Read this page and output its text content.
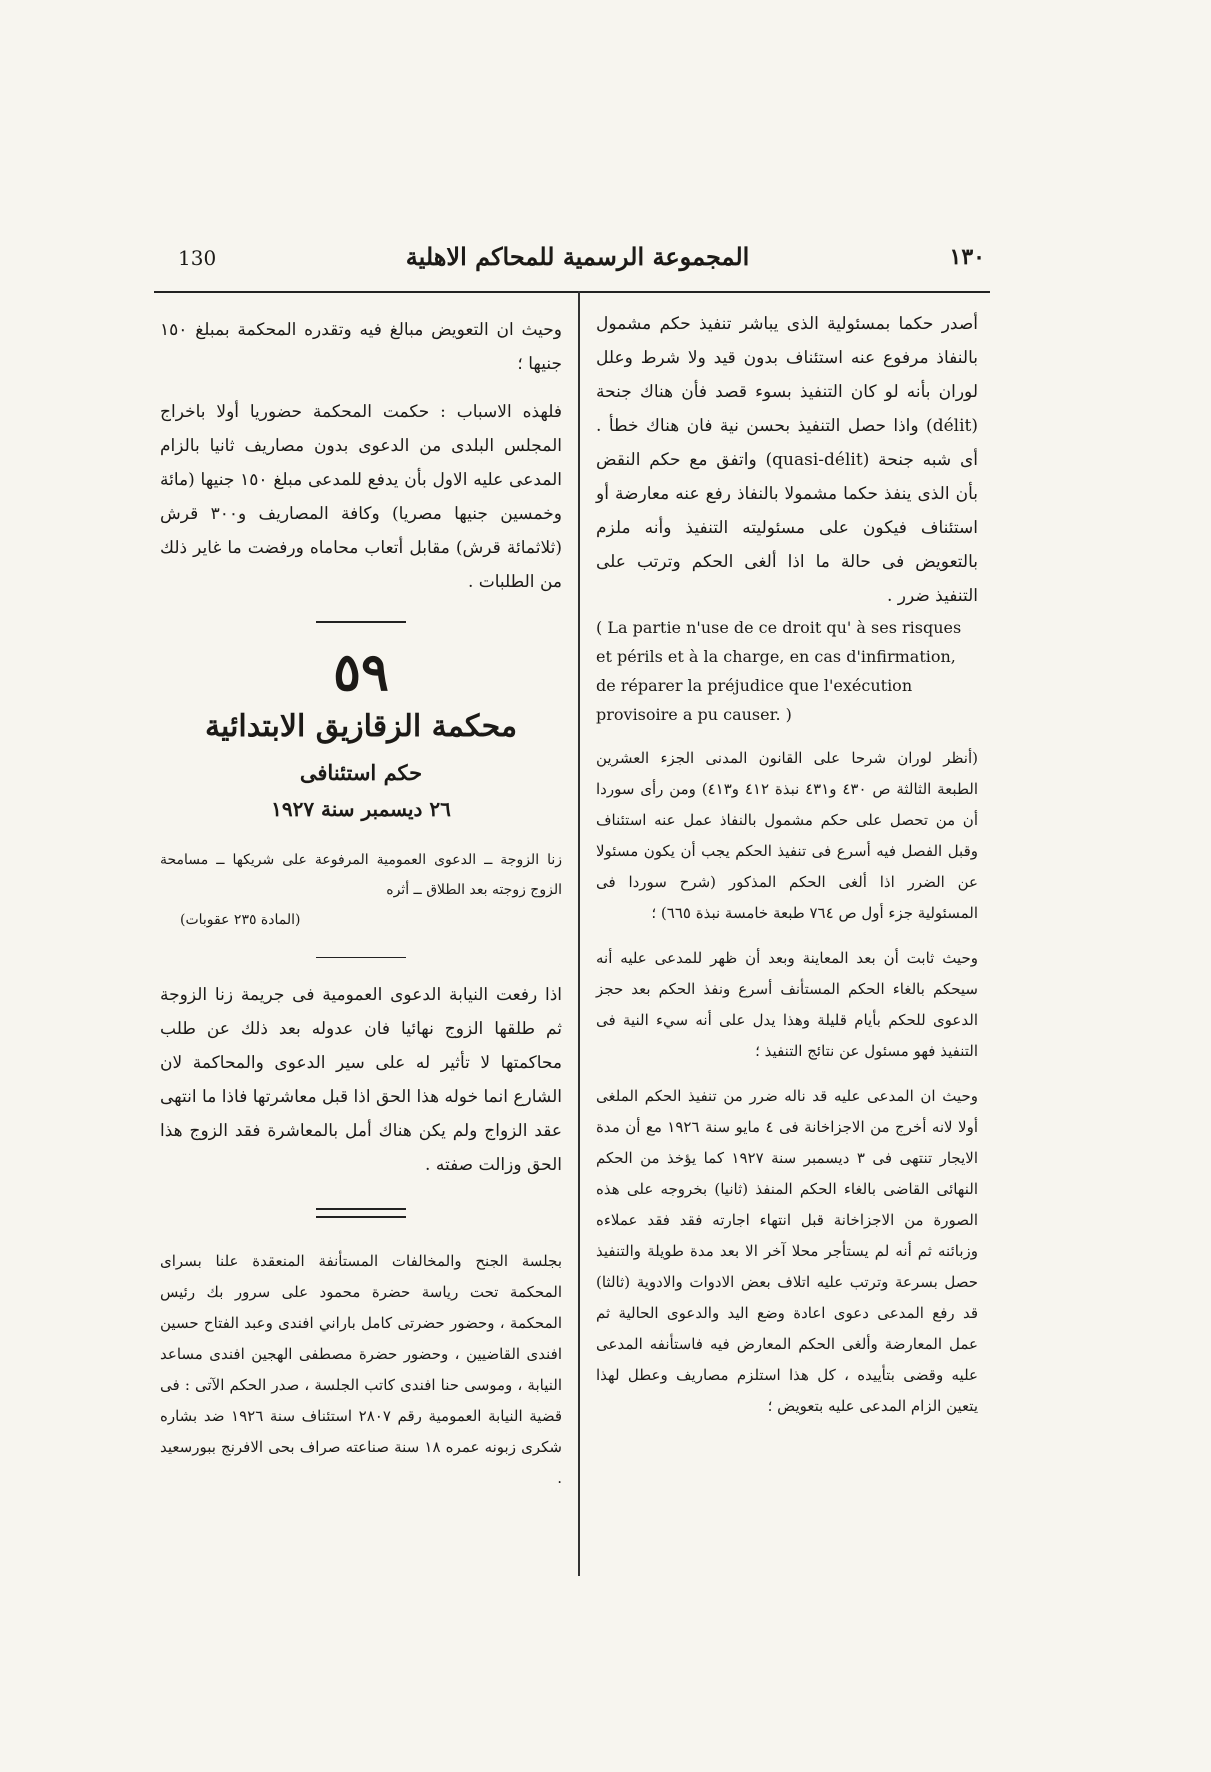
130	المجموعة الرسمية للمحاكم الاهلية	١٣٠

أصدر حكما بمسئولية الذى يباشر تنفيذ حكم مشمول بالنفاذ مرفوع عنه استئناف بدون قيد ولا شرط وعلل لوران بأنه لو كان التنفيذ بسوء قصد فأن هناك جنحة (délit) واذا حصل التنفيذ بحسن نية فان هناك خطأ . أى شبه جنحة (quasi-délit) واتفق مع حكم النقض بأن الذى ينفذ حكما مشمولا بالنفاذ رفع عنه معارضة أو استئناف فيكون على مسئوليته التنفيذ وأنه ملزم بالتعويض فى حالة ما اذا ألغى الحكم وترتب على التنفيذ ضرر .

( La partie n'use de ce droit qu' à ses risques et périls et à la charge, en cas d'infirmation, de réparer la préjudice que l'exécution provisoire a pu causer. )

(أنظر لوران شرحا على القانون المدنى الجزء العشرين الطبعة الثالثة ص ٤٣٠ و٤٣١ نبذة ٤١٢ و٤١٣) ومن رأى سوردا أن من تحصل على حكم مشمول بالنفاذ عمل عنه استئناف وقبل الفصل فيه أسرع فى تنفيذ الحكم يجب أن يكون مسئولا عن الضرر اذا ألغى الحكم المذكور (شرح سوردا فى المسئولية جزء أول ص ٧٦٤ طبعة خامسة نبذة ٦٦٥) ؛

وحيث ثابت أن بعد المعاينة وبعد أن ظهر للمدعى عليه أنه سيحكم بالغاء الحكم المستأنف أسرع ونفذ الحكم بعد حجز الدعوى للحكم بأيام قليلة وهذا يدل على أنه سيء النية فى التنفيذ فهو مسئول عن نتائج التنفيذ ؛

وحيث ان المدعى عليه قد ناله ضرر من تنفيذ الحكم الملغى أولا لانه أخرج من الاجزاخانة فى ٤ مايو سنة ١٩٢٦ مع أن مدة الايجار تنتهى فى ٣ ديسمبر سنة ١٩٢٧ كما يؤخذ من الحكم النهائى القاضى بالغاء الحكم المنفذ (ثانيا) بخروجه على هذه الصورة من الاجزاخانة قبل انتهاء اجارته فقد فقد عملاءه وزبائنه ثم أنه لم يستأجر محلا آخر الا بعد مدة طويلة والتنفيذ حصل بسرعة وترتب عليه اتلاف بعض الادوات والادوية (ثالثا) قد رفع المدعى دعوى اعادة وضع اليد والدعوى الحالية ثم عمل المعارضة وألغى الحكم المعارض فيه فاستأنفه المدعى عليه وقضى بتأييده ، كل هذا استلزم مصاريف وعطل لهذا يتعين الزام المدعى عليه بتعويض ؛

وحيث ان التعويض مبالغ فيه وتقدره المحكمة بمبلغ ١٥٠ جنيها ؛

فلهذه الاسباب : حكمت المحكمة حضوريا أولا باخراج المجلس البلدى من الدعوى بدون مصاريف ثانيا بالزام المدعى عليه الاول بأن يدفع للمدعى مبلغ ١٥٠ جنيها (مائة وخمسين جنيها مصريا) وكافة المصاريف و٣٠٠ قرش (ثلاثمائة قرش) مقابل أتعاب محاماه ورفضت ما غاير ذلك من الطلبات .

٥٩

محكمة الزقازيق الابتدائية

حكم استئنافى

٢٦ ديسمبر سنة ١٩٢٧

زنا الزوجة ــ الدعوى العمومية المرفوعة على شريكها ــ مسامحة الزوج زوجته بعد الطلاق ــ أثره

(المادة ٢٣٥ عقوبات)

اذا رفعت النيابة الدعوى العمومية فى جريمة زنا الزوجة ثم طلقها الزوج نهائيا فان عدوله بعد ذلك عن طلب محاكمتها لا تأثير له على سير الدعوى والمحاكمة لان الشارع انما خوله هذا الحق اذا قبل معاشرتها فاذا ما انتهى عقد الزواج ولم يكن هناك أمل بالمعاشرة فقد الزوج هذا الحق وزالت صفته .

بجلسة الجنح والمخالفات المستأنفة المنعقدة علنا بسراى المحكمة تحت رياسة حضرة محمود على سرور بك رئيس المحكمة ، وحضور حضرتى كامل باراني افندى وعبد الفتاح حسين افندى القاضيين ، وحضور حضرة مصطفى الهجين افندى مساعد النيابة ، وموسى حنا افندى كاتب الجلسة ، صدر الحكم الآتى : فى قضية النيابة العمومية رقم ٢٨٠٧ استئناف سنة ١٩٢٦ ضد بشاره شكرى زبونه عمره ١٨ سنة صناعته صراف بحى الافرنج ببورسعيد .
